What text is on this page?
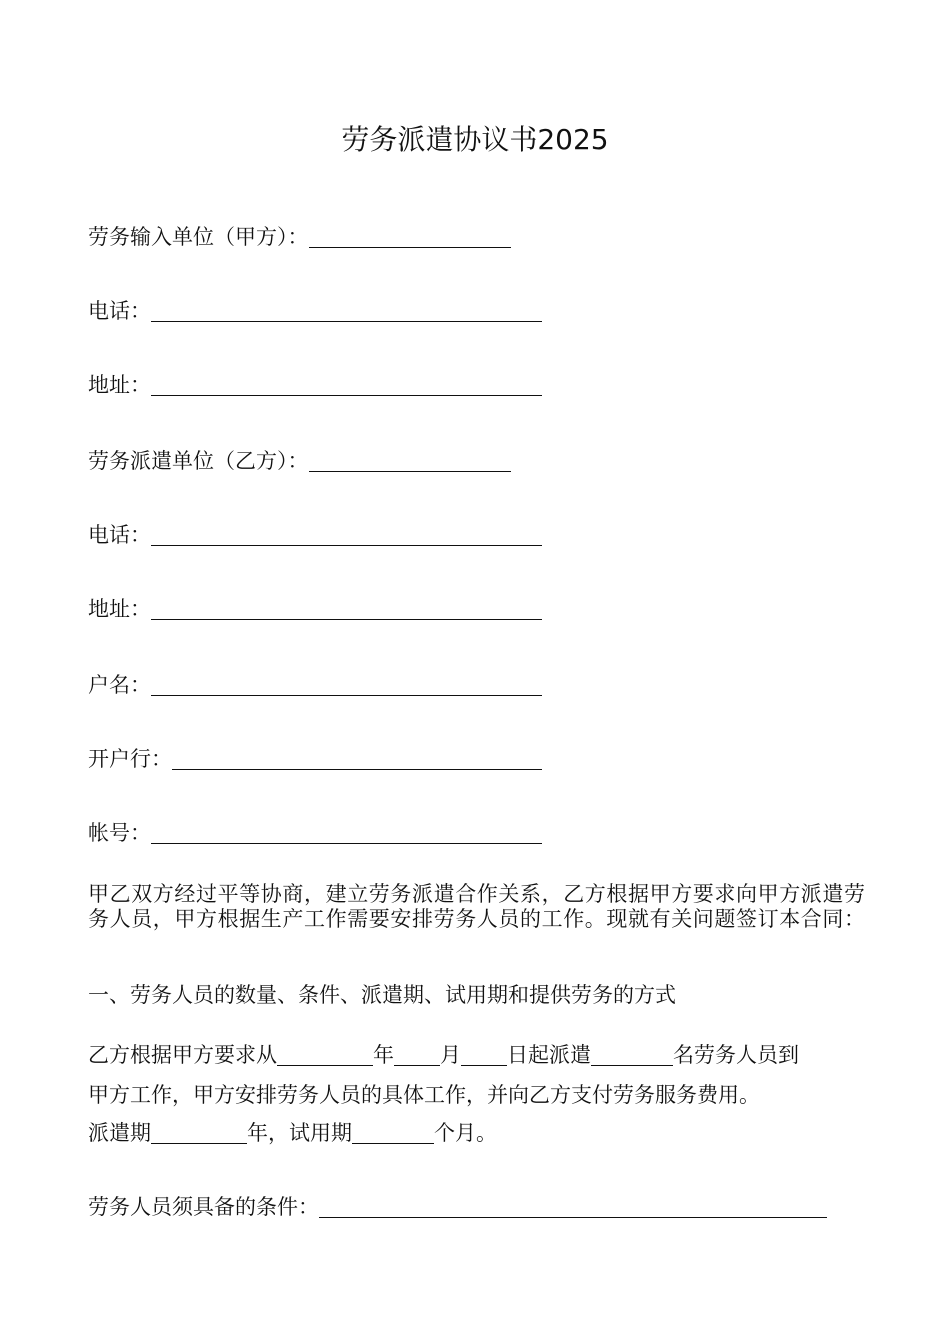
劳务派遣协议书2025
劳务输入单位（甲方）：
电话：
地址：
劳务派遣单位（乙方）：
电话：
地址：
户名：
开户行：
帐号：
甲乙双方经过平等协商，建立劳务派遣合作关系，乙方根据甲方要求向甲方派遣劳务人员，甲方根据生产工作需要安排劳务人员的工作。现就有关问题签订本合同：
一、劳务人员的数量、条件、派遣期、试用期和提供劳务的方式
乙方根据甲方要求从	年 月 日起派遣	名劳务人员到
甲方工作，甲方安排劳务人员的具体工作，并向乙方支付劳务服务费用。
派遣期	年，试用期	个月。
劳务人员须具备的条件：
